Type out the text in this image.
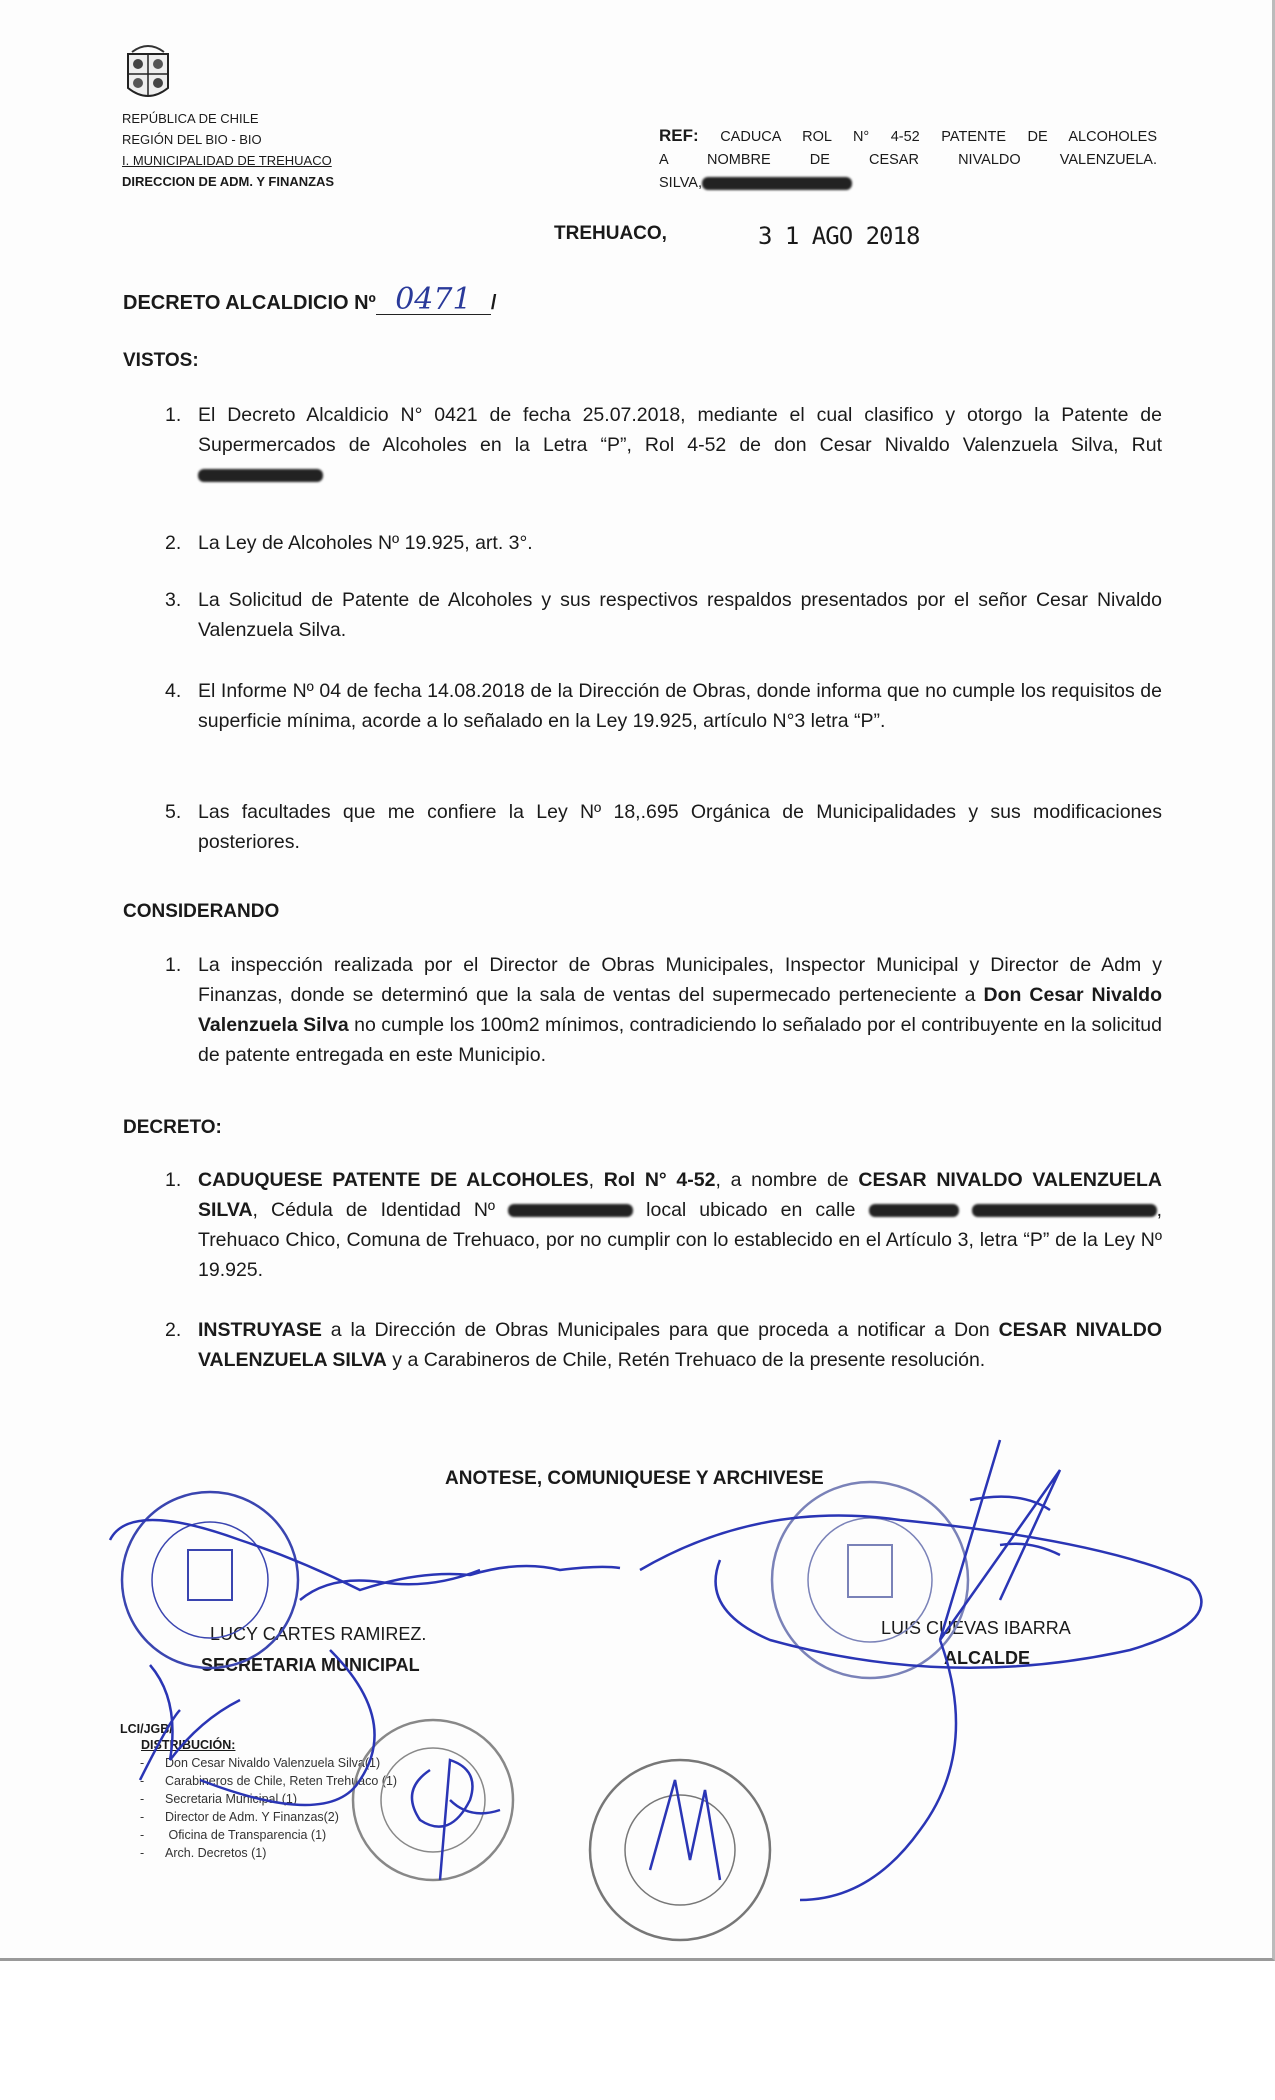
REPÚBLICA DE CHILE
REGIÓN DEL BIO - BIO
I. MUNICIPALIDAD DE TREHUACO
DIRECCION DE ADM. Y FINANZAS
REF: CADUCA ROL N° 4-52 PATENTE DE ALCOHOLES
A NOMBRE DE CESAR NIVALDO VALENZUELA.
SILVA,
TREHUACO,	3 1 AGO 2018
DECRETO ALCALDICIO Nº 0471 /
VISTOS:
1. El Decreto Alcaldicio N° 0421 de fecha 25.07.2018, mediante el cual clasifico y otorgo la Patente de Supermercados de Alcoholes en la Letra “P”, Rol 4-52 de don Cesar Nivaldo Valenzuela Silva, Rut
2. La Ley de Alcoholes Nº 19.925, art. 3°.
3. La Solicitud de Patente de Alcoholes y sus respectivos respaldos presentados por el señor Cesar Nivaldo Valenzuela Silva.
4. El Informe Nº 04 de fecha 14.08.2018 de la Dirección de Obras, donde informa que no cumple los requisitos de superficie mínima, acorde a lo señalado en la Ley 19.925, artículo N°3 letra “P”.
5. Las facultades que me confiere la Ley Nº 18,.695 Orgánica de Municipalidades y sus modificaciones posteriores.
CONSIDERANDO
1. La inspección realizada por el Director de Obras Municipales, Inspector Municipal y Director de Adm y Finanzas, donde se determinó que la sala de ventas del supermecado perteneciente a Don Cesar Nivaldo Valenzuela Silva no cumple los 100m2 mínimos, contradiciendo lo señalado por el contribuyente en la solicitud de patente entregada en este Municipio.
DECRETO:
1. CADUQUESE PATENTE DE ALCOHOLES, Rol N° 4-52, a nombre de CESAR NIVALDO VALENZUELA SILVA, Cédula de Identidad Nº	local ubicado en calle	, Trehuaco Chico, Comuna de Trehuaco, por no cumplir con lo establecido en el Artículo 3, letra “P” de la Ley Nº 19.925.
2. INSTRUYASE a la Dirección de Obras Municipales para que proceda a notificar a Don CESAR NIVALDO VALENZUELA SILVA y a Carabineros de Chile, Retén Trehuaco de la presente resolución.
ANOTESE, COMUNIQUESE Y ARCHIVESE
LUCY CARTES RAMIREZ.
SECRETARIA MUNICIPAL
LUIS CUEVAS IBARRA
ALCALDE
LCI/JGB/
DISTRIBUCIÓN:
-      Don Cesar Nivaldo Valenzuela Silva(1)
-      Carabineros de Chile, Reten Trehuaco (1)
-      Secretaria Municipal (1)
-      Director de Adm. Y Finanzas(2)
-       Oficina de Transparencia (1)
-      Arch. Decretos (1)
